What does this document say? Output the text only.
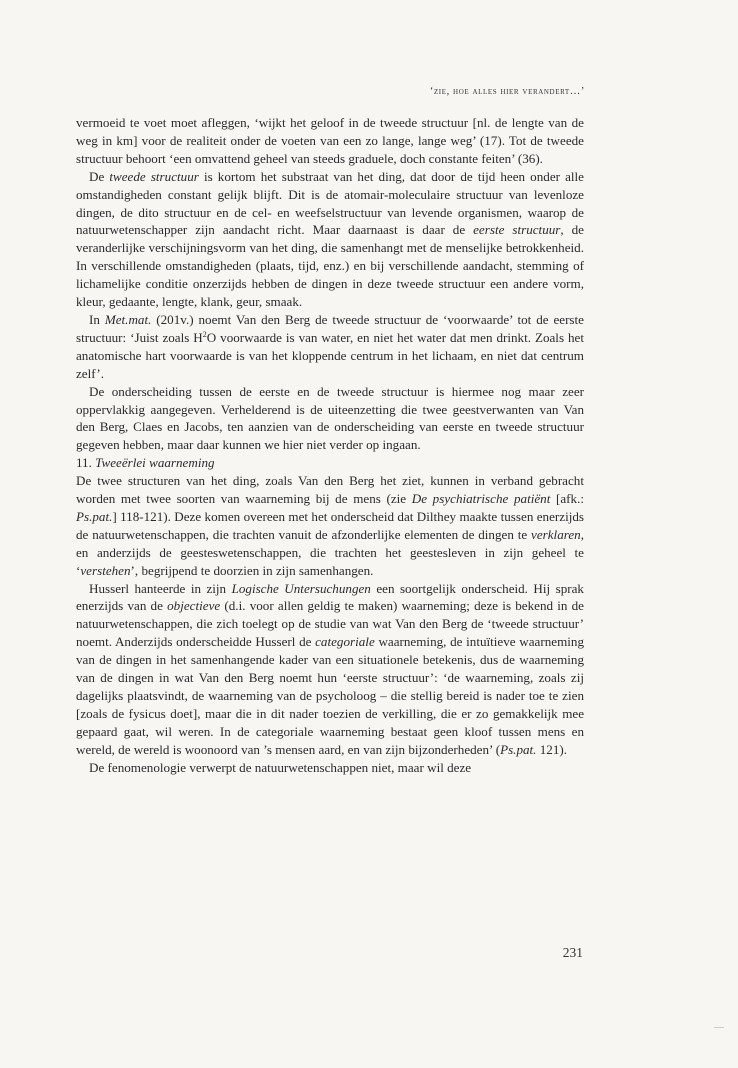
‘zie, hoe alles hier verandert…’

vermoeid te voet moet afleggen, ‘wijkt het geloof in de tweede structuur [nl. de lengte van de weg in km] voor de realiteit onder de voeten van een zo lange, lange weg’ (17). Tot de tweede structuur behoort ‘een omvattend geheel van steeds graduele, doch constante feiten’ (36).

De tweede structuur is kortom het substraat van het ding, dat door de tijd heen onder alle omstandigheden constant gelijk blijft. Dit is de atomair-moleculaire structuur van levenloze dingen, de dito structuur en de cel- en weefselstructuur van levende organismen, waarop de natuurwetenschapper zijn aandacht richt. Maar daarnaast is daar de eerste structuur, de veranderlijke verschijningsvorm van het ding, die samenhangt met de menselijke betrokkenheid. In verschillende omstandigheden (plaats, tijd, enz.) en bij verschillende aandacht, stemming of lichamelijke conditie onzerzijds hebben de dingen in deze tweede structuur een andere vorm, kleur, gedaante, lengte, klank, geur, smaak.

In Met.mat. (201v.) noemt Van den Berg de tweede structuur de ‘voorwaarde’ tot de eerste structuur: ‘Juist zoals $H^2O$ voorwaarde is van water, en niet het water dat men drinkt. Zoals het anatomische hart voorwaarde is van het kloppende centrum in het lichaam, en niet dat centrum zelf’.

De onderscheiding tussen de eerste en de tweede structuur is hiermee nog maar zeer oppervlakkig aangegeven. Verhelderend is de uiteenzetting die twee geestverwanten van Van den Berg, Claes en Jacobs, ten aanzien van de onderscheiding van eerste en tweede structuur gegeven hebben, maar daar kunnen we hier niet verder op ingaan.

11. Tweeërlei waarneming

De twee structuren van het ding, zoals Van den Berg het ziet, kunnen in verband gebracht worden met twee soorten van waarneming bij de mens (zie De psychiatrische patiënt [afk.: Ps.pat.] 118-121). Deze komen overeen met het onderscheid dat Dilthey maakte tussen enerzijds de natuurwetenschappen, die trachten vanuit de afzonderlijke elementen de dingen te verklaren, en anderzijds de geesteswetenschappen, die trachten het geestesleven in zijn geheel te ‘verstehen’, begrijpend te doorzien in zijn samenhangen.

Husserl hanteerde in zijn Logische Untersuchungen een soortgelijk onderscheid. Hij sprak enerzijds van de objectieve (d.i. voor allen geldig te maken) waarneming; deze is bekend in de natuurwetenschappen, die zich toelegt op de studie van wat Van den Berg de ‘tweede structuur’ noemt. Anderzijds onderscheidde Husserl de categoriale waarneming, de intuïtieve waarneming van de dingen in het samenhangende kader van een situationele betekenis, dus de waarneming van de dingen in wat Van den Berg noemt hun ‘eerste structuur’: ‘de waarneming, zoals zij dagelijks plaatsvindt, de waarneming van de psycholoog – die stellig bereid is nader toe te zien [zoals de fysicus doet], maar die in dit nader toezien de verkilling, die er zo gemakkelijk mee gepaard gaat, wil weren. In de categoriale waarneming bestaat geen kloof tussen mens en wereld, de wereld is woonoord van ’s mensen aard, en van zijn bijzonderheden’ (Ps.pat. 121).

De fenomenologie verwerpt de natuurwetenschappen niet, maar wil deze

231
